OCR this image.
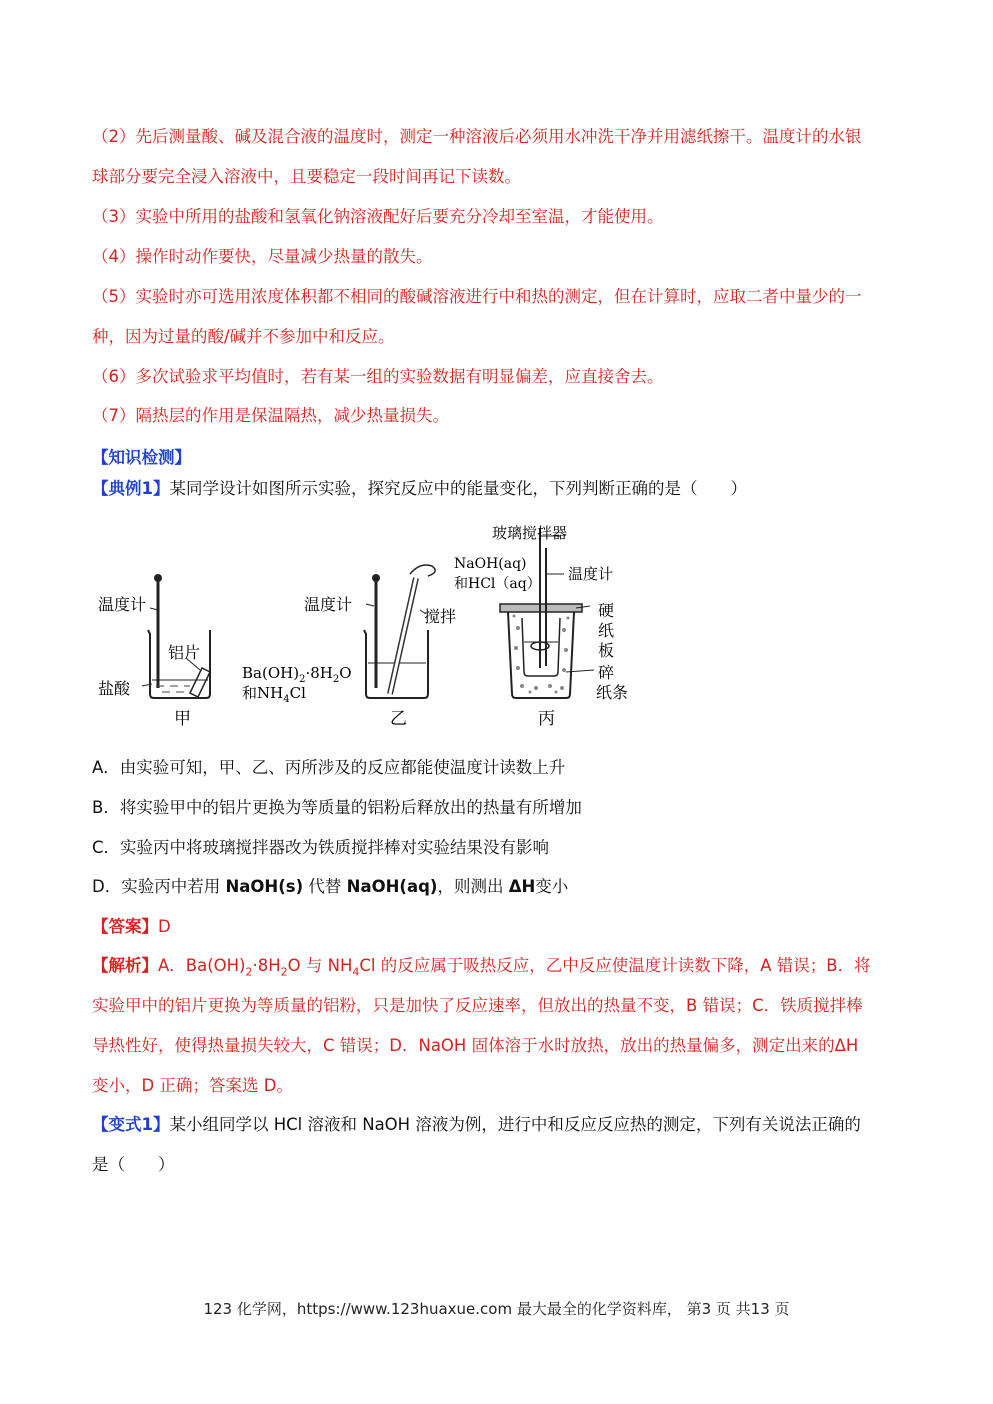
（2）先后测量酸、碱及混合液的温度时，测定一种溶液后必须用水冲洗干净并用滤纸擦干。温度计的水银
球部分要完全浸入溶液中，且要稳定一段时间再记下读数。
（3）实验中所用的盐酸和氢氧化钠溶液配好后要充分冷却至室温，才能使用。
（4）操作时动作要快，尽量减少热量的散失。
（5）实验时亦可选用浓度体积都不相同的酸碱溶液进行中和热的测定，但在计算时，应取二者中量少的一
种，因为过量的酸/碱并不参加中和反应。
（6）多次试验求平均值时，若有某一组的实验数据有明显偏差，应直接舍去。
（7）隔热层的作用是保温隔热，减少热量损失。
【知识检测】
【典例1】某同学设计如图所示实验，探究反应中的能量变化，下列判断正确的是（　　）
温度计
铝片
盐酸
甲
温度计
搅拌
$Ba(OH)_2\cdot 8H_2O$
和$NH_4Cl$
乙
玻璃搅拌器
NaOH(aq)
和HCl（aq）
温度计
硬
纸
板
碎
纸条
丙
A．由实验可知，甲、乙、丙所涉及的反应都能使温度计读数上升
B．将实验甲中的铝片更换为等质量的铝粉后释放出的热量有所增加
C．实验丙中将玻璃搅拌器改为铁质搅拌棒对实验结果没有影响
D．实验丙中若用 NaOH(s) 代替 NaOH(aq)，则测出 ΔH变小
【答案】D
【解析】A．$Ba(OH)_2\cdot 8H_2O$ 与 $NH_4Cl$ 的反应属于吸热反应，乙中反应使温度计读数下降，A 错误；B．将
实验甲中的铝片更换为等质量的铝粉，只是加快了反应速率，但放出的热量不变，B 错误；C．铁质搅拌棒
导热性好，使得热量损失较大，C 错误；D．NaOH 固体溶于水时放热，放出的热量偏多，测定出来的ΔH
变小，D 正确；答案选 D。
【变式1】某小组同学以 HCl 溶液和 NaOH 溶液为例，进行中和反应反应热的测定，下列有关说法正确的
是（　　）
123 化学网，https://www.123huaxue.com 最大最全的化学资料库， 第3 页 共13 页
